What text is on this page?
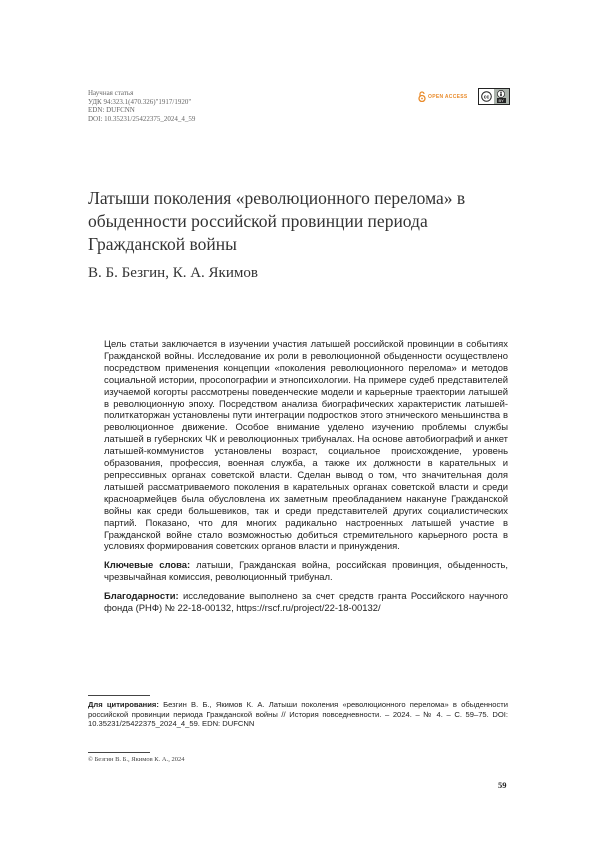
Научная статья
УДК 94:323.1(470.326)"1917/1920"
EDN: DUFCNN
DOI: 10.35231/25422375_2024_4_59
OPEN ACCESS	cc
BY
Латыши поколения «революционного перелома» в обыденности российской провинции периода Гражданской войны
В. Б. Безгин, К. А. Якимов

Цель статьи заключается в изучении участия латышей российской провинции в событиях Гражданской войны. Исследование их роли в революционной обыденности осуществлено посредством применения концепции «поколения революционного перелома» и методов социальной истории, просопографии и этнопсихологии. На примере судеб представителей изучаемой когорты рассмотрены поведенческие модели и карьерные траектории латышей в революционную эпоху. Посредством анализа биографических характеристик латышей-политкаторжан установлены пути интеграции подростков этого этнического меньшинства в революционное движение. Особое внимание уделено изучению проблемы службы латышей в губернских ЧК и революционных трибуналах. На основе автобиографий и анкет латышей-коммунистов установлены возраст, социальное происхождение, уровень образования, профессия, военная служба, а также их должности в карательных и репрессивных органах советской власти. Сделан вывод о том, что значительная доля латышей рассматриваемого поколения в карательных органах советской власти и среди красноармейцев была обусловлена их заметным преобладанием накануне Гражданской войны как среди большевиков, так и среди представителей других социалистических партий. Показано, что для многих радикально настроенных латышей участие в Гражданской войне стало возможностью добиться стремительного карьерного роста в условиях формирования советских органов власти и принуждения.

Ключевые слова: латыши, Гражданская война, российская провинция, обыденность, чрезвычайная комиссия, революционный трибунал.

Благодарности: исследование выполнено за счет средств гранта Российского научного фонда (РНФ) № 22-18-00132, https://rscf.ru/project/22-18-00132/

Для цитирования: Безгин В. Б., Якимов К. А. Латыши поколения «революционного перелома» в обыденности российской провинции периода Гражданской войны // История повседневности. – 2024. – № 4. – С. 59–75. DOI: 10.35231/25422375_2024_4_59. EDN: DUFCNN
© Безгин В. Б., Якимов К. А., 2024
59
